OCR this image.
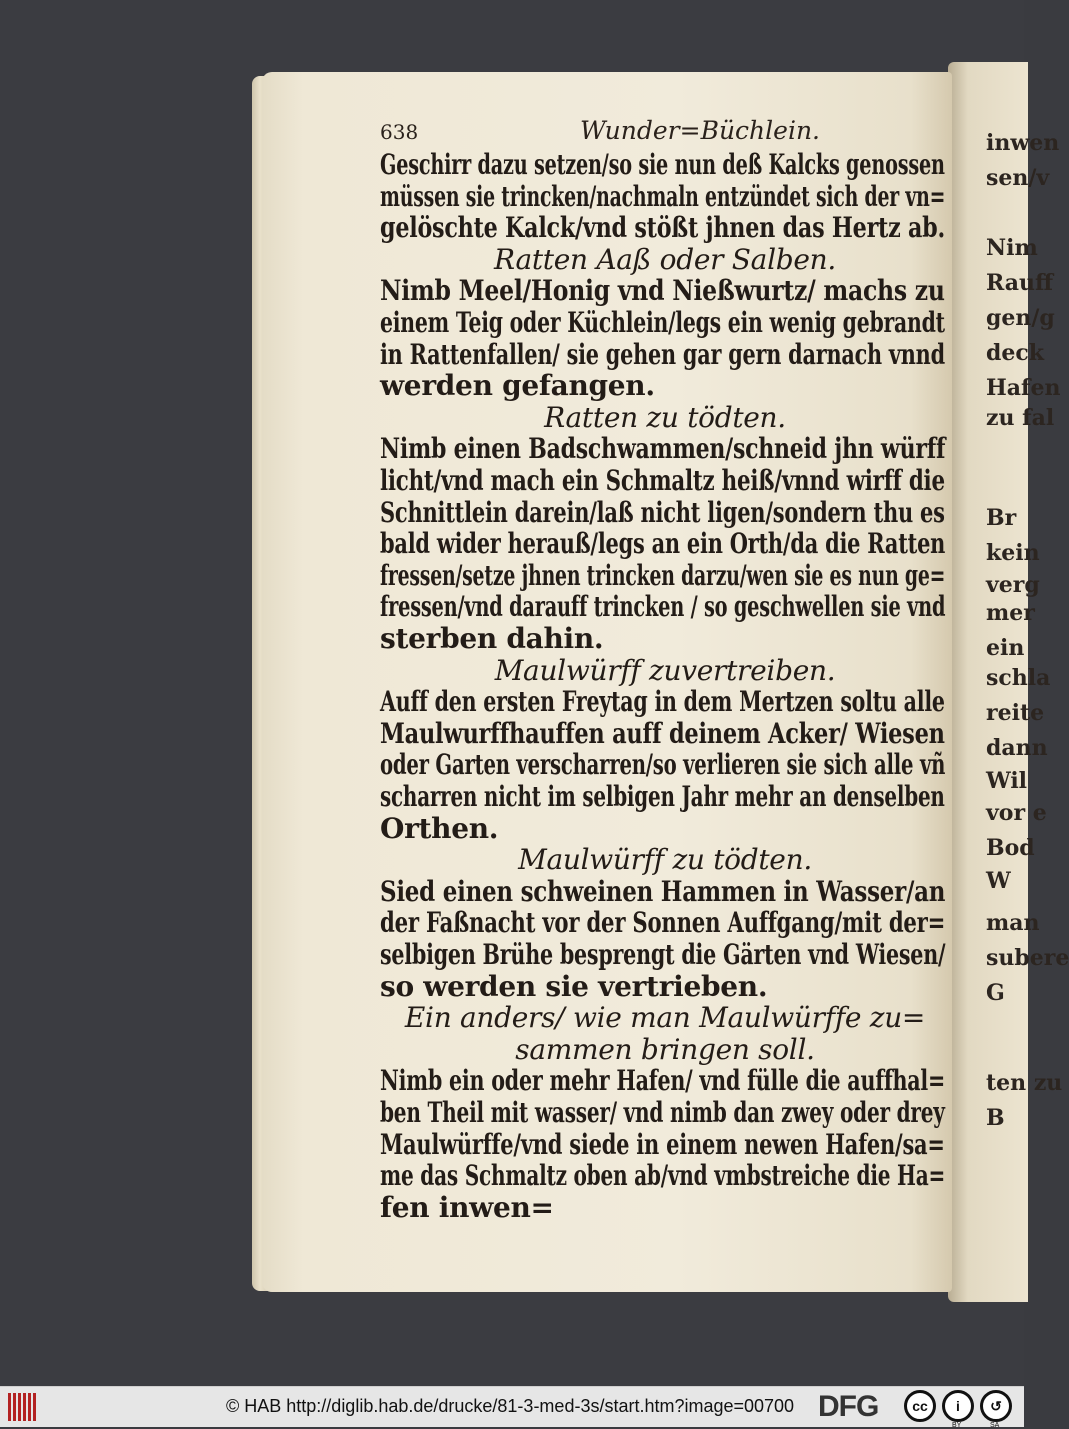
638	Wunder=Büchlein.
Geschirr dazu setzen/so sie nun deß Kalcks genossen
müssen sie trincken/nachmaln entzündet sich der vn=
gelöschte Kalck/vnd stößt jhnen das Hertz ab.
Ratten Aaß oder Salben.
Nimb Meel/Honig vnd Nießwurtz/ machs zu
einem Teig oder Küchlein/legs ein wenig gebrandt
in Rattenfallen/ sie gehen gar gern darnach vnnd
werden gefangen.
Ratten zu tödten.
Nimb einen Badschwammen/schneid jhn würff
licht/vnd mach ein Schmaltz heiß/vnnd wirff die
Schnittlein darein/laß nicht ligen/sondern thu es
bald wider herauß/legs an ein Orth/da die Ratten
fressen/setze jhnen trincken darzu/wen sie es nun ge=
fressen/vnd darauff trincken / so geschwellen sie vnd
sterben dahin.
Maulwürff zuvertreiben.
Auff den ersten Freytag in dem Mertzen soltu alle
Maulwurffhauffen auff deinem Acker/ Wiesen
oder Garten verscharren/so verlieren sie sich alle vñ
scharren nicht im selbigen Jahr mehr an denselben
Orthen.
Maulwürff zu tödten.
Sied einen schweinen Hammen in Wasser/an
der Faßnacht vor der Sonnen Auffgang/mit der=
selbigen Brühe besprengt die Gärten vnd Wiesen/
so werden sie vertrieben.
Ein anders/ wie man Maulwürffe zu=
sammen bringen soll.
Nimb ein oder mehr Hafen/ vnd fülle die auffhal=
ben Theil mit wasser/ vnd nimb dan zwey oder drey
Maulwürffe/vnd siede in einem newen Hafen/sa=
me das Schmaltz oben ab/vnd vmbstreiche die Ha=
fen inwen=
inwen
sen/v
Nim
Rauff
gen/g
deck
Hafen
zu fal
Br
kein
verg
mer
ein
schla
reite
dann
Wil
vor e
Bod
W
man
subere
G
ten zu
B
© HAB http://diglib.hab.de/drucke/81-3-med-3s/start.htm?image=00700 DFG	cc	i	↺
BY	SA
